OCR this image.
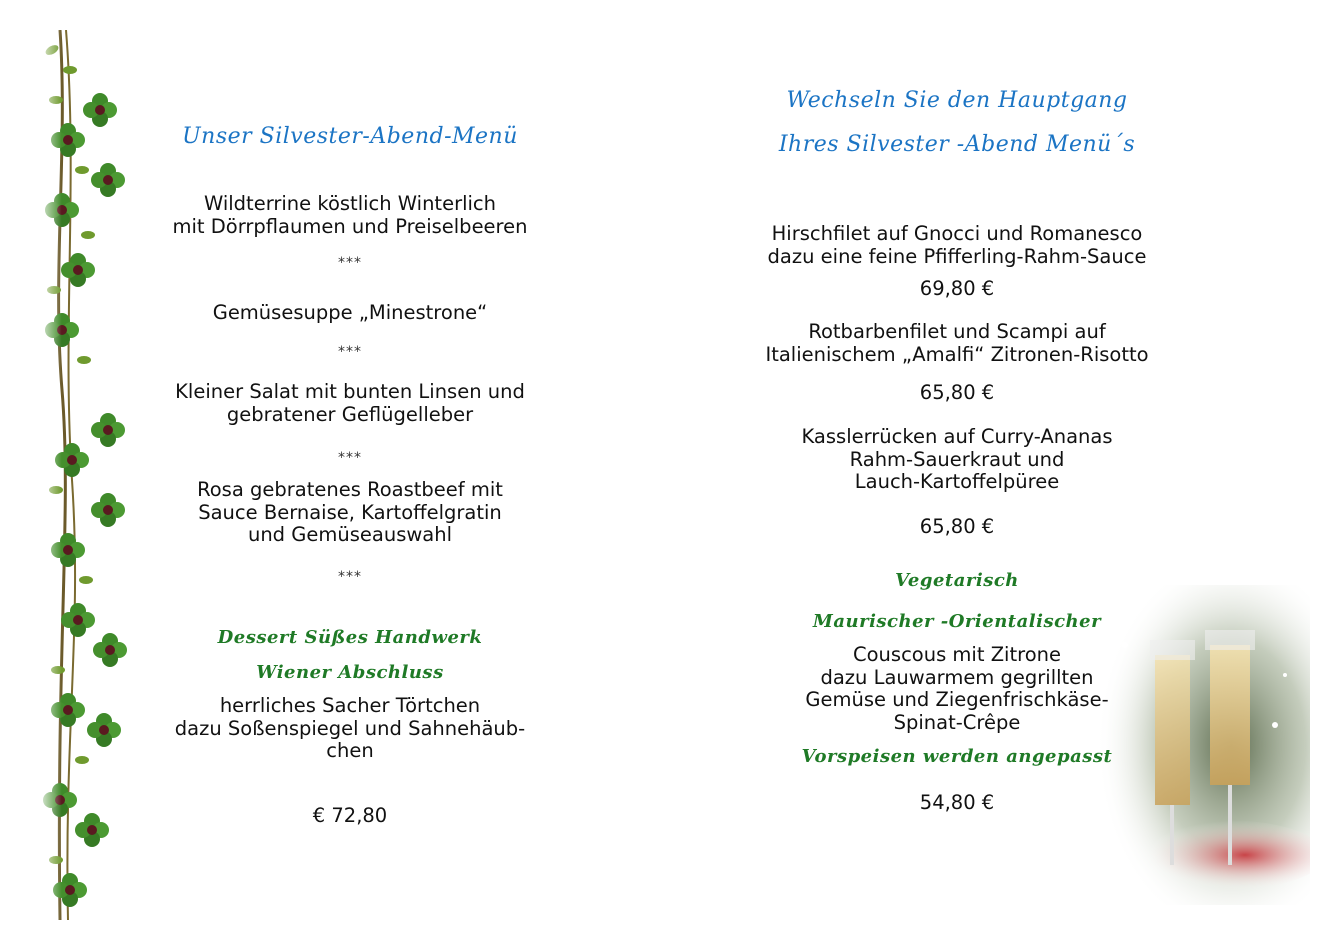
Unser Silvester-Abend-Menü
Wildterrine köstlich Winterlich
mit Dörrpflaumen und Preiselbeeren
***
Gemüsesuppe „Minestrone“
***
Kleiner Salat mit bunten Linsen und
gebratener Geflügelleber
***
Rosa gebratenes Roastbeef mit
Sauce Bernaise, Kartoffelgratin
und Gemüseauswahl
***
Dessert Süßes Handwerk
Wiener Abschluss
herrliches Sacher Törtchen
dazu Soßenspiegel und Sahnehäub-
chen
€ 72,80
Wechseln Sie den Hauptgang
Ihres Silvester -Abend Menü´s
Hirschfilet auf Gnocci und Romanesco
dazu eine feine Pfifferling-Rahm-Sauce
69,80 €
Rotbarbenfilet und Scampi auf
Italienischem „Amalfi“ Zitronen-Risotto
65,80 €
Kasslerrücken auf Curry-Ananas
Rahm-Sauerkraut und
Lauch-Kartoffelpüree
65,80 €
Vegetarisch
Maurischer -Orientalischer
Couscous mit Zitrone
dazu Lauwarmem gegrillten
Gemüse und Ziegenfrischkäse-
Spinat-Crêpe
Vorspeisen werden angepasst
54,80 €
